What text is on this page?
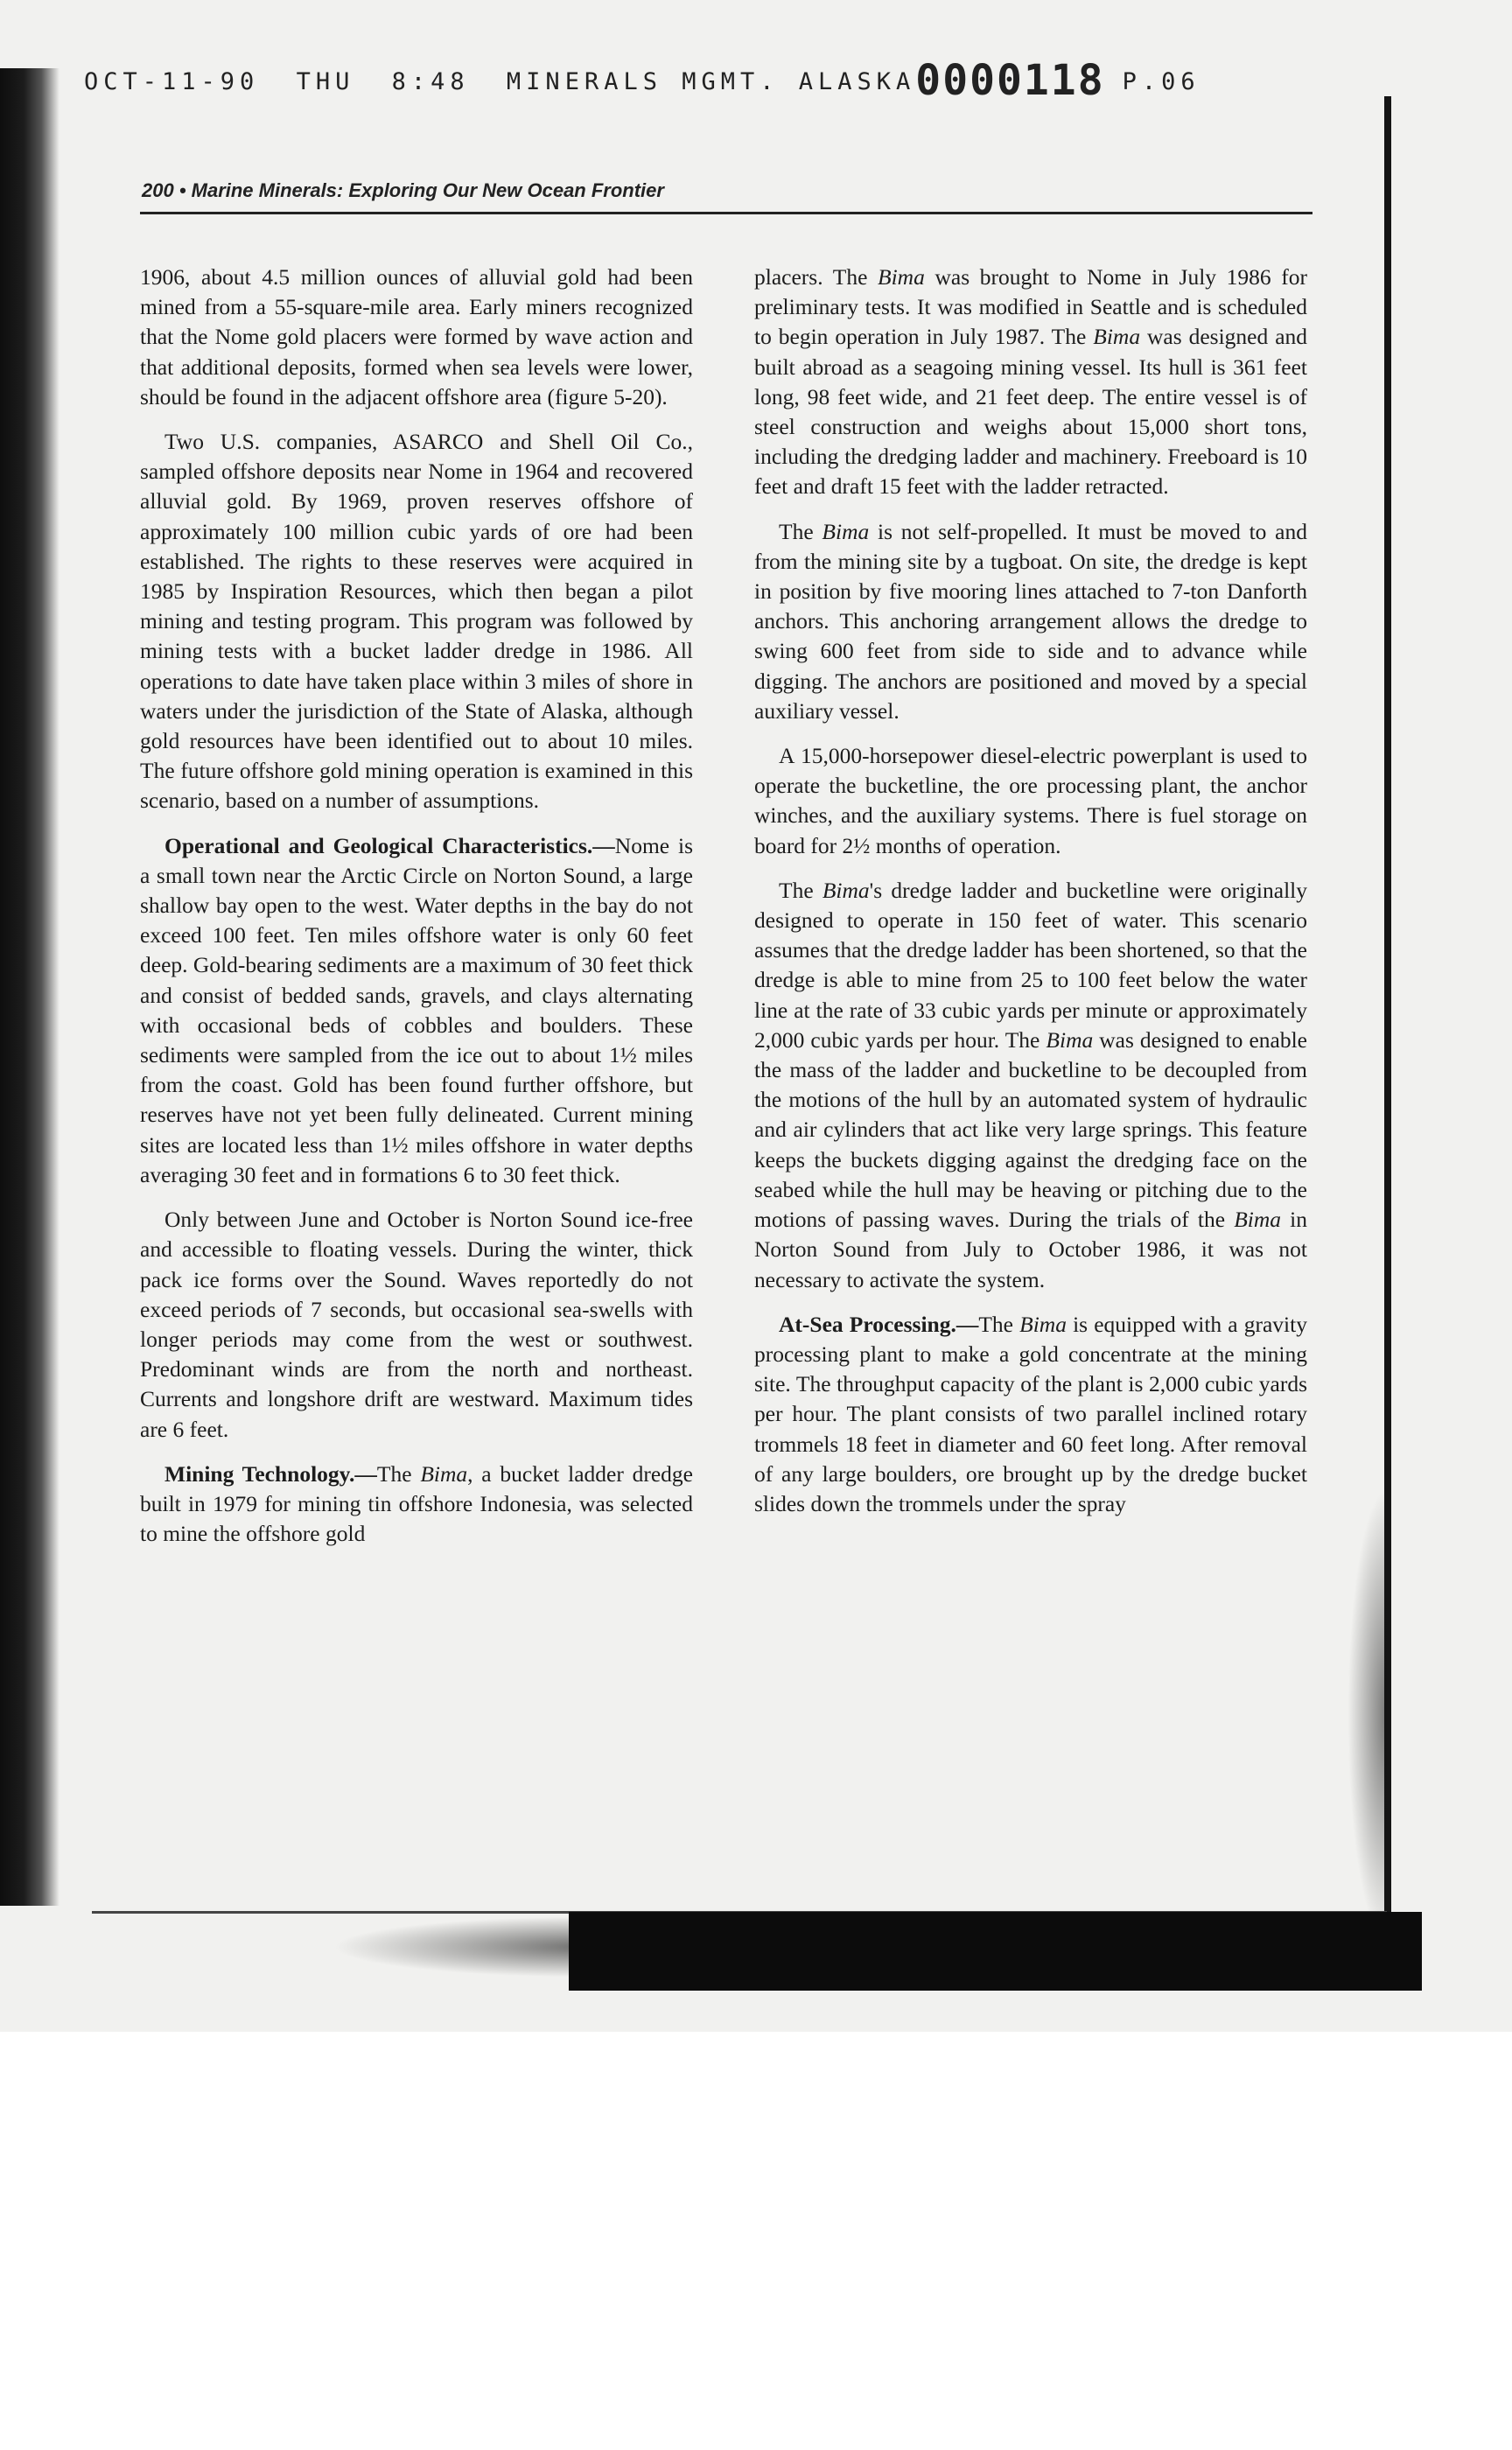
OCT-11-90 THU 8:48 MINERALS MGMT. ALASKA0000118 P.06
200 • Marine Minerals: Exploring Our New Ocean Frontier

1906, about 4.5 million ounces of alluvial gold had been mined from a 55-square-mile area. Early miners recognized that the Nome gold placers were formed by wave action and that additional deposits, formed when sea levels were lower, should be found in the adjacent offshore area (figure 5-20).

Two U.S. companies, ASARCO and Shell Oil Co., sampled offshore deposits near Nome in 1964 and recovered alluvial gold. By 1969, proven reserves offshore of approximately 100 million cubic yards of ore had been established. The rights to these reserves were acquired in 1985 by Inspiration Resources, which then began a pilot mining and testing program. This program was followed by mining tests with a bucket ladder dredge in 1986. All operations to date have taken place within 3 miles of shore in waters under the jurisdiction of the State of Alaska, although gold resources have been identified out to about 10 miles. The future offshore gold mining operation is examined in this scenario, based on a number of assumptions.

Operational and Geological Characteristics.—Nome is a small town near the Arctic Circle on Norton Sound, a large shallow bay open to the west. Water depths in the bay do not exceed 100 feet. Ten miles offshore water is only 60 feet deep. Gold-bearing sediments are a maximum of 30 feet thick and consist of bedded sands, gravels, and clays alternating with occasional beds of cobbles and boulders. These sediments were sampled from the ice out to about 1½ miles from the coast. Gold has been found further offshore, but reserves have not yet been fully delineated. Current mining sites are located less than 1½ miles offshore in water depths averaging 30 feet and in formations 6 to 30 feet thick.

Only between June and October is Norton Sound ice-free and accessible to floating vessels. During the winter, thick pack ice forms over the Sound. Waves reportedly do not exceed periods of 7 seconds, but occasional sea-swells with longer periods may come from the west or southwest. Predominant winds are from the north and northeast. Currents and longshore drift are westward. Maximum tides are 6 feet.

Mining Technology.—The Bima, a bucket ladder dredge built in 1979 for mining tin offshore Indonesia, was selected to mine the offshore gold

placers. The Bima was brought to Nome in July 1986 for preliminary tests. It was modified in Seattle and is scheduled to begin operation in July 1987. The Bima was designed and built abroad as a seagoing mining vessel. Its hull is 361 feet long, 98 feet wide, and 21 feet deep. The entire vessel is of steel construction and weighs about 15,000 short tons, including the dredging ladder and machinery. Freeboard is 10 feet and draft 15 feet with the ladder retracted.

The Bima is not self-propelled. It must be moved to and from the mining site by a tugboat. On site, the dredge is kept in position by five mooring lines attached to 7-ton Danforth anchors. This anchoring arrangement allows the dredge to swing 600 feet from side to side and to advance while digging. The anchors are positioned and moved by a special auxiliary vessel.

A 15,000-horsepower diesel-electric powerplant is used to operate the bucketline, the ore processing plant, the anchor winches, and the auxiliary systems. There is fuel storage on board for 2½ months of operation.

The Bima's dredge ladder and bucketline were originally designed to operate in 150 feet of water. This scenario assumes that the dredge ladder has been shortened, so that the dredge is able to mine from 25 to 100 feet below the water line at the rate of 33 cubic yards per minute or approximately 2,000 cubic yards per hour. The Bima was designed to enable the mass of the ladder and bucketline to be decoupled from the motions of the hull by an automated system of hydraulic and air cylinders that act like very large springs. This feature keeps the buckets digging against the dredging face on the seabed while the hull may be heaving or pitching due to the motions of passing waves. During the trials of the Bima in Norton Sound from July to October 1986, it was not necessary to activate the system.

At-Sea Processing.—The Bima is equipped with a gravity processing plant to make a gold concentrate at the mining site. The throughput capacity of the plant is 2,000 cubic yards per hour. The plant consists of two parallel inclined rotary trommels 18 feet in diameter and 60 feet long. After removal of any large boulders, ore brought up by the dredge bucket slides down the trommels under the spray
